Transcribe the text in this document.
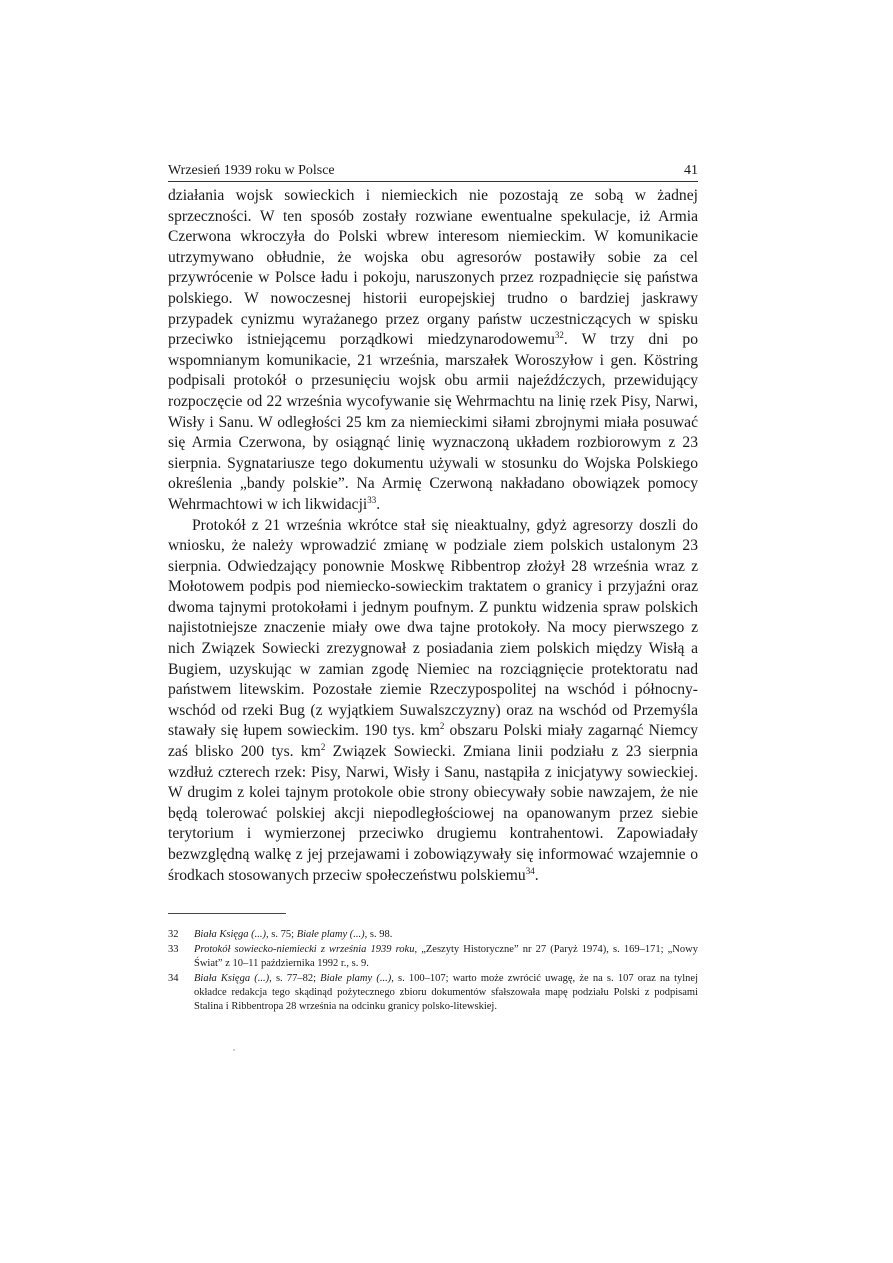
Wrzesień 1939 roku w Polsce	41

działania wojsk sowieckich i niemieckich nie pozostają ze sobą w żadnej sprzeczności. W ten sposób zostały rozwiane ewentualne spekulacje, iż Armia Czerwona wkroczyła do Polski wbrew interesom niemieckim. W komunikacie utrzymywano obłudnie, że wojska obu agresorów postawiły sobie za cel przywrócenie w Polsce ładu i pokoju, naruszonych przez rozpadnięcie się państwa polskiego. W nowoczesnej historii europejskiej trudno o bardziej jaskrawy przypadek cynizmu wyrażanego przez organy państw uczestniczących w spisku przeciwko istniejącemu porządkowi miedzynarodowemu$^{32}$. W trzy dni po wspomnianym komunikacie, 21 września, marszałek Woroszyłow i gen. Köstring podpisali protokół o przesunięciu wojsk obu armii najeźdźczych, przewidujący rozpoczęcie od 22 września wycofywanie się Wehrmachtu na linię rzek Pisy, Narwi, Wisły i Sanu. W odległości 25 km za niemieckimi siłami zbrojnymi miała posuwać się Armia Czerwona, by osiągnąć linię wyznaczoną układem rozbiorowym z 23 sierpnia. Sygnatariusze tego dokumentu używali w stosunku do Wojska Polskiego określenia „bandy polskie”. Na Armię Czerwoną nakładano obowiązek pomocy Wehrmachtowi w ich likwidacji$^{33}$.

Protokół z 21 września wkrótce stał się nieaktualny, gdyż agresorzy doszli do wniosku, że należy wprowadzić zmianę w podziale ziem polskich ustalonym 23 sierpnia. Odwiedzający ponownie Moskwę Ribbentrop złożył 28 września wraz z Mołotowem podpis pod niemiecko-sowieckim traktatem o granicy i przyjaźni oraz dwoma tajnymi protokołami i jednym poufnym. Z punktu widzenia spraw polskich najistotniejsze znaczenie miały owe dwa tajne protokoły. Na mocy pierwszego z nich Związek Sowiecki zrezygnował z posiadania ziem polskich między Wisłą a Bugiem, uzyskując w zamian zgodę Niemiec na rozciągnięcie protektoratu nad państwem litewskim. Pozostałe ziemie Rzeczypospolitej na wschód i północny-wschód od rzeki Bug (z wyjątkiem Suwalszczyzny) oraz na wschód od Przemyśla stawały się łupem sowieckim. 190 tys. $km^2$ obszaru Polski miały zagarnąć Niemcy zaś blisko 200 tys. $km^2$ Związek Sowiecki. Zmiana linii podziału z 23 sierpnia wzdłuż czterech rzek: Pisy, Narwi, Wisły i Sanu, nastąpiła z inicjatywy sowieckiej. W drugim z kolei tajnym protokole obie strony obiecywały sobie nawzajem, że nie będą tolerować polskiej akcji niepodległościowej na opanowanym przez siebie terytorium i wymierzonej przeciwko drugiemu kontrahentowi. Zapowiadały bezwzględną walkę z jej przejawami i zobowiązywały się informować wzajemnie o środkach stosowanych przeciw społeczeństwu polskiemu$^{34}$.

32 Biała Księga (...), s. 75; Białe plamy (...), s. 98.
33 Protokół sowiecko-niemiecki z września 1939 roku, „Zeszyty Historyczne” nr 27 (Paryż 1974), s. 169–171; „Nowy Świat” z 10–11 października 1992 r., s. 9.
34 Biała Księga (...), s. 77–82; Białe plamy (...), s. 100–107; warto może zwrócić uwagę, że na s. 107 oraz na tylnej okładce redakcja tego skądinąd pożytecznego zbioru dokumentów sfałszowała mapę podziału Polski z podpisami Stalina i Ribbentropa 28 września na odcinku granicy polsko-litewskiej.
